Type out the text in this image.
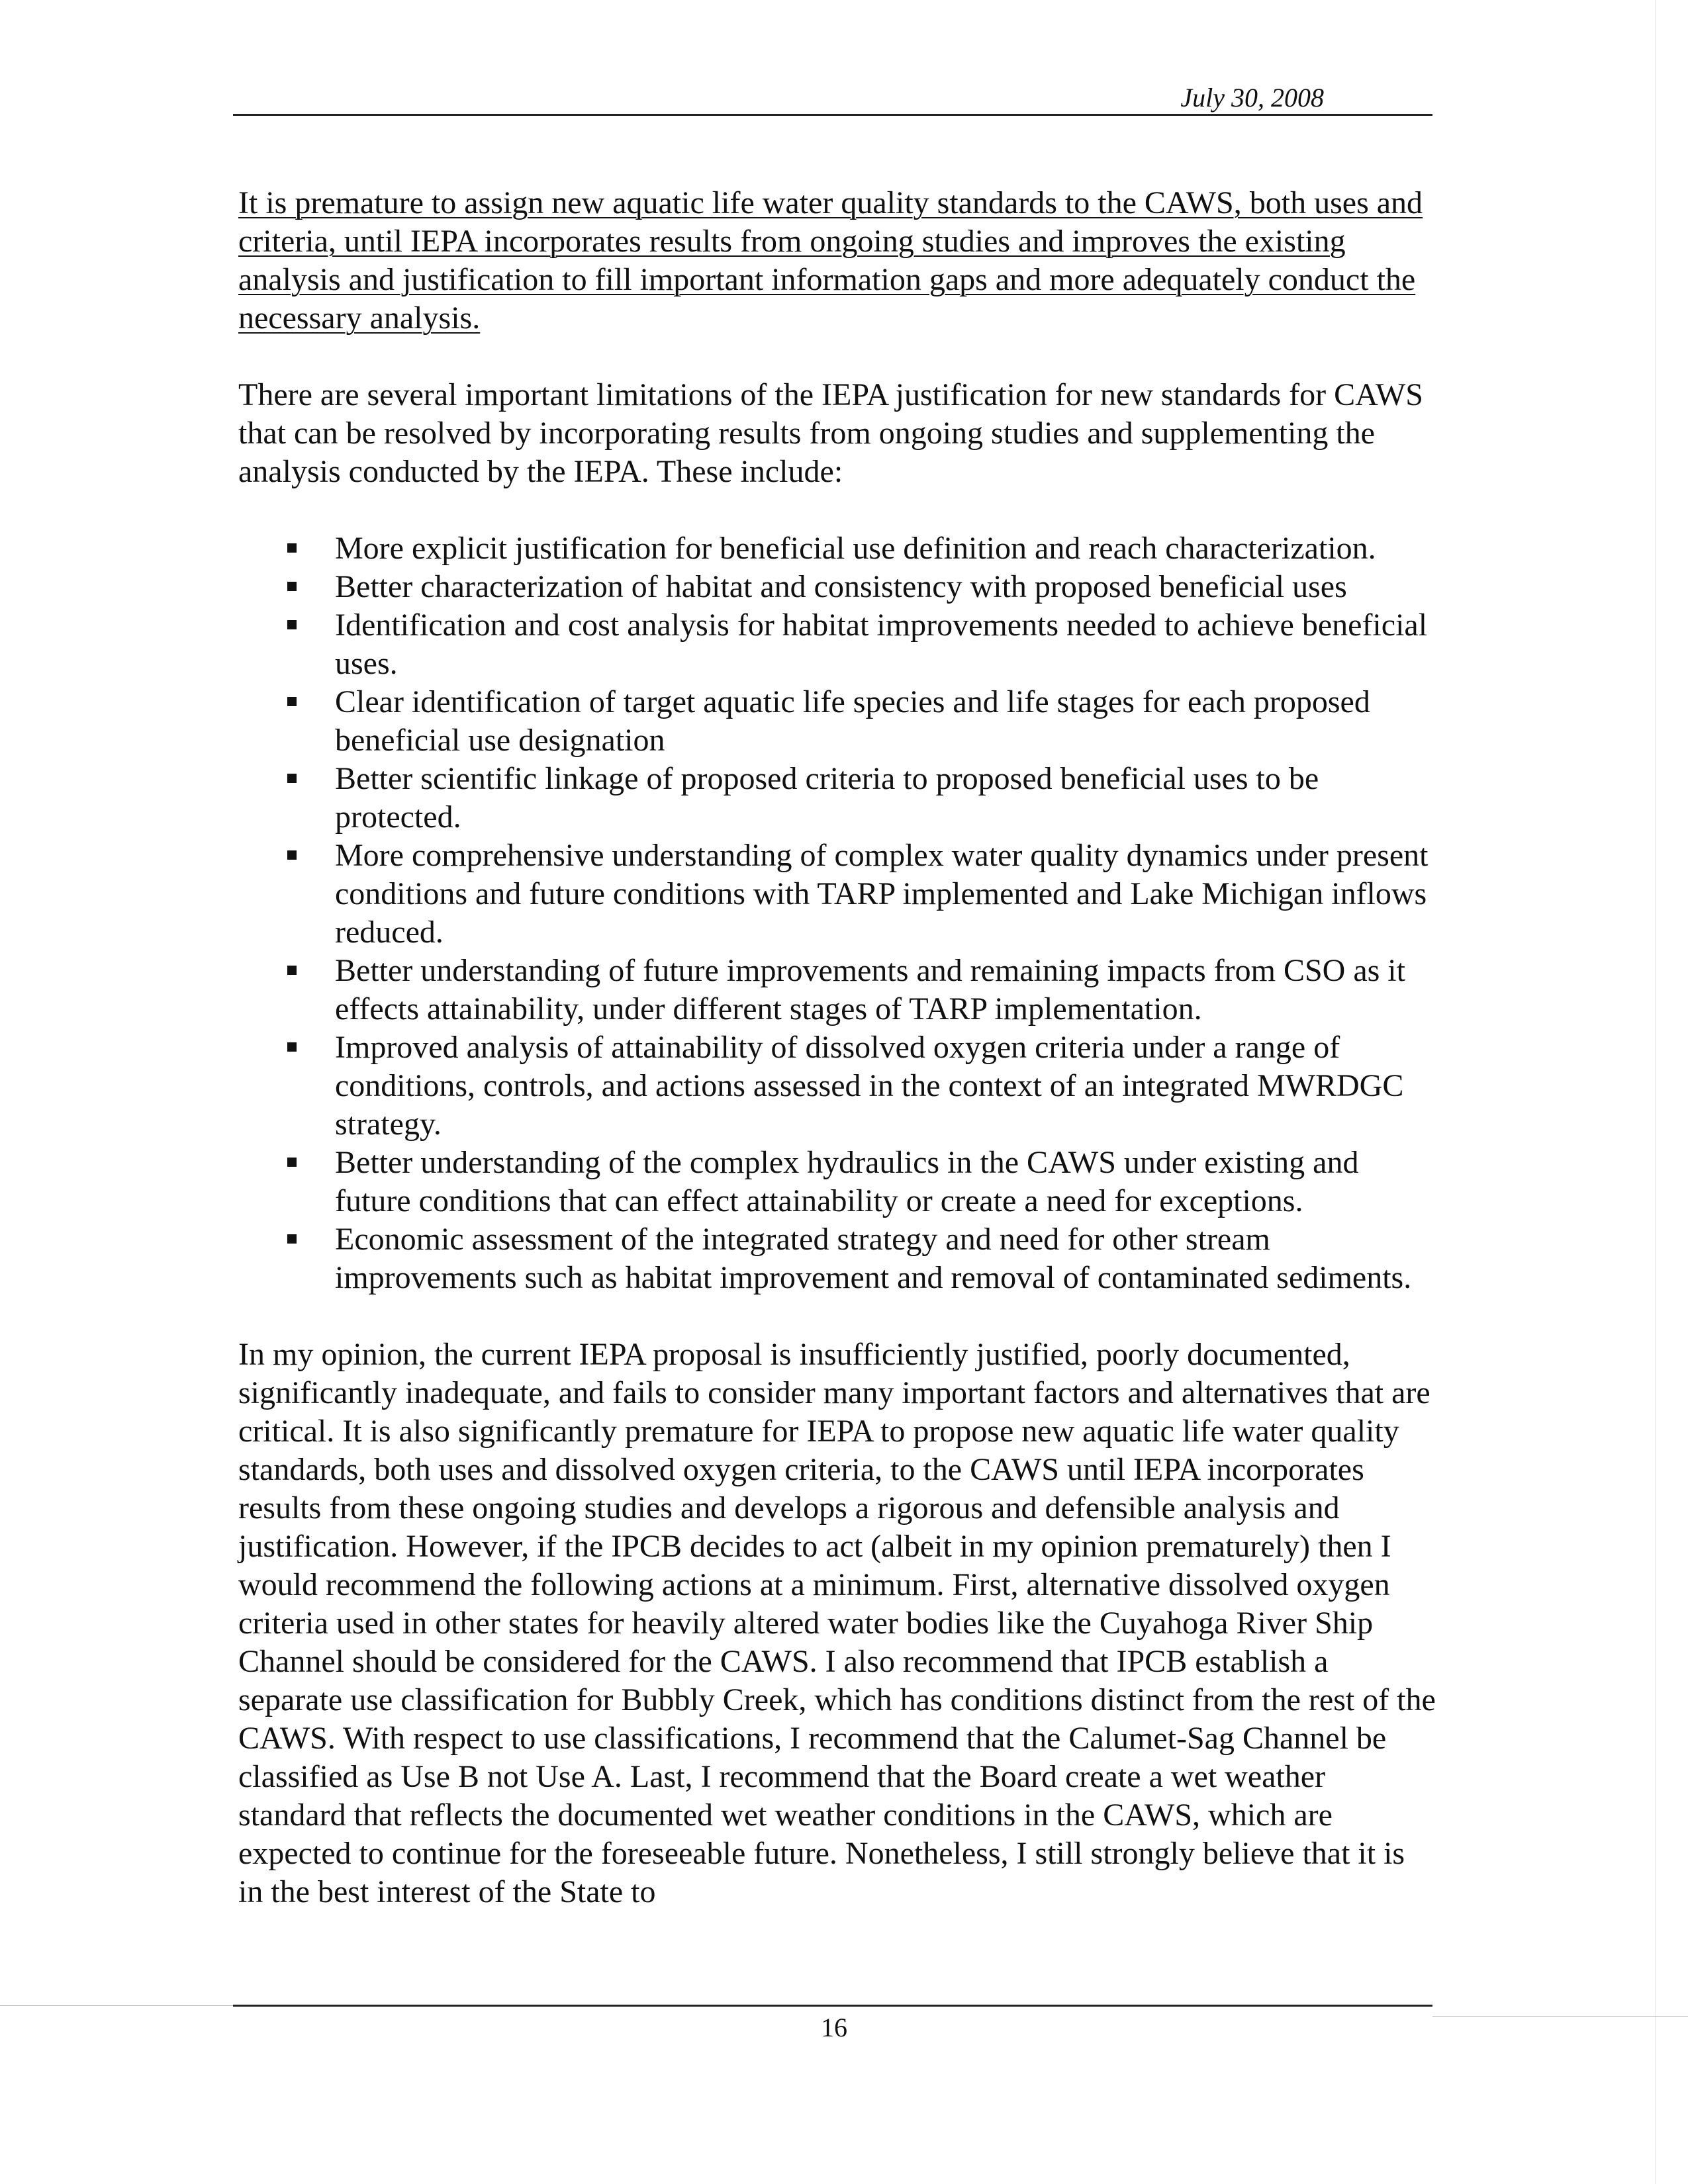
July 30, 2008

It is premature to assign new aquatic life water quality standards to the CAWS, both uses and criteria, until IEPA incorporates results from ongoing studies and improves the existing analysis and justification to fill important information gaps and more adequately conduct the necessary analysis.

There are several important limitations of the IEPA justification for new standards for CAWS that can be resolved by incorporating results from ongoing studies and supplementing the analysis conducted by the IEPA. These include:

More explicit justification for beneficial use definition and reach characterization.
Better characterization of habitat and consistency with proposed beneficial uses
Identification and cost analysis for habitat improvements needed to achieve beneficial uses.
Clear identification of target aquatic life species and life stages for each proposed beneficial use designation
Better scientific linkage of proposed criteria to proposed beneficial uses to be protected.
More comprehensive understanding of complex water quality dynamics under present conditions and future conditions with TARP implemented and Lake Michigan inflows reduced.
Better understanding of future improvements and remaining impacts from CSO as it effects attainability, under different stages of TARP implementation.
Improved analysis of attainability of dissolved oxygen criteria under a range of conditions, controls, and actions assessed in the context of an integrated MWRDGC strategy.
Better understanding of the complex hydraulics in the CAWS under existing and future conditions that can effect attainability or create a need for exceptions.
Economic assessment of the integrated strategy and need for other stream improvements such as habitat improvement and removal of contaminated sediments.

In my opinion, the current IEPA proposal is insufficiently justified, poorly documented, significantly inadequate, and fails to consider many important factors and alternatives that are critical. It is also significantly premature for IEPA to propose new aquatic life water quality standards, both uses and dissolved oxygen criteria, to the CAWS until IEPA incorporates results from these ongoing studies and develops a rigorous and defensible analysis and justification. However, if the IPCB decides to act (albeit in my opinion prematurely) then I would recommend the following actions at a minimum. First, alternative dissolved oxygen criteria used in other states for heavily altered water bodies like the Cuyahoga River Ship Channel should be considered for the CAWS. I also recommend that IPCB establish a separate use classification for Bubbly Creek, which has conditions distinct from the rest of the CAWS. With respect to use classifications, I recommend that the Calumet-Sag Channel be classified as Use B not Use A. Last, I recommend that the Board create a wet weather standard that reflects the documented wet weather conditions in the CAWS, which are expected to continue for the foreseeable future. Nonetheless, I still strongly believe that it is in the best interest of the State to

16
